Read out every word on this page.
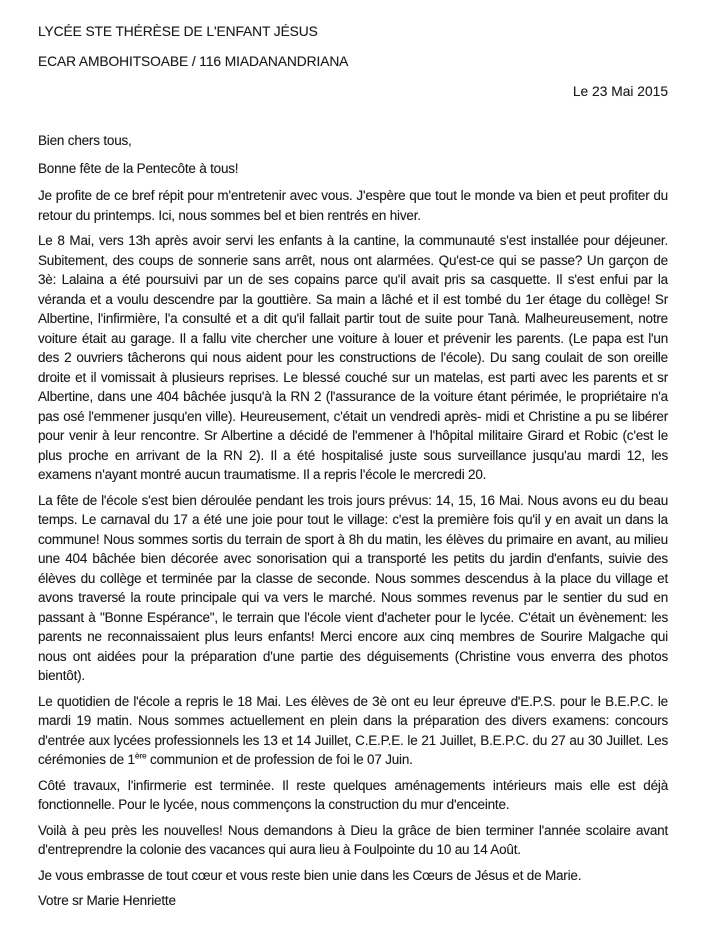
LYCÉE STE THÉRÈSE DE L'ENFANT JÉSUS
ECAR AMBOHITSOABE / 116 MIADANANDRIANA
Le 23 Mai 2015

Bien chers tous,

Bonne fête de la Pentecôte à tous!

Je profite de ce bref répit pour m'entretenir avec vous. J'espère que tout le monde va bien et peut profiter du retour du printemps. Ici, nous sommes bel et bien rentrés en hiver.

Le 8 Mai, vers 13h après avoir servi les enfants à la cantine, la communauté s'est installée pour déjeuner. Subitement, des coups de sonnerie sans arrêt, nous ont alarmées. Qu'est-ce qui se passe? Un garçon de 3è: Lalaina a été poursuivi par un de ses copains parce qu'il avait pris sa casquette. Il s'est enfui par la véranda et a voulu descendre par la gouttière. Sa main a lâché et il est tombé du 1er étage du collège! Sr Albertine, l'infirmière, l'a consulté et a dit qu'il fallait partir tout de suite pour Tanà. Malheureusement, notre voiture était au garage. Il a fallu vite chercher une voiture à louer et prévenir les parents. (Le papa est l'un des 2 ouvriers tâcherons qui nous aident pour les constructions de l'école). Du sang coulait de son oreille droite et il vomissait à plusieurs reprises. Le blessé couché sur un matelas, est parti avec les parents et sr Albertine, dans une 404 bâchée jusqu'à la RN 2 (l'assurance de la voiture étant périmée, le propriétaire n'a pas osé l'emmener jusqu'en ville). Heureusement, c'était un vendredi après- midi et Christine a pu se libérer pour venir à leur rencontre. Sr Albertine a décidé de l'emmener à l'hôpital militaire Girard et Robic (c'est le plus proche en arrivant de la RN 2). Il a été hospitalisé juste sous surveillance jusqu'au mardi 12, les examens n'ayant montré aucun traumatisme. Il a repris l'école le mercredi 20.

La fête de l'école s'est bien déroulée pendant les trois jours prévus: 14, 15, 16 Mai. Nous avons eu du beau temps. Le carnaval du 17 a été une joie pour tout le village: c'est la première fois qu'il y en avait un dans la commune! Nous sommes sortis du terrain de sport à 8h du matin, les élèves du primaire en avant, au milieu une 404 bâchée bien décorée avec sonorisation qui a transporté les petits du jardin d'enfants, suivie des élèves du collège et terminée par la classe de seconde. Nous sommes descendus à la place du village et avons traversé la route principale qui va vers le marché. Nous sommes revenus par le sentier du sud en passant à "Bonne Espérance", le terrain que l'école vient d'acheter pour le lycée. C'était un évènement: les parents ne reconnaissaient plus leurs enfants! Merci encore aux cinq membres de Sourire Malgache qui nous ont aidées pour la préparation d'une partie des déguisements (Christine vous enverra des photos bientôt).

Le quotidien de l'école a repris le 18 Mai. Les élèves de 3è ont eu leur épreuve d'E.P.S. pour le B.E.P.C. le mardi 19 matin. Nous sommes actuellement en plein dans la préparation des divers examens: concours d'entrée aux lycées professionnels les 13 et 14 Juillet, C.E.P.E. le 21 Juillet, B.E.P.C. du 27 au 30 Juillet. Les cérémonies de 1ère communion et de profession de foi le 07 Juin.

Côté travaux, l'infirmerie est terminée. Il reste quelques aménagements intérieurs mais elle est déjà fonctionnelle. Pour le lycée, nous commençons la construction du mur d'enceinte.

Voilà à peu près les nouvelles! Nous demandons à Dieu la grâce de bien terminer l'année scolaire avant d'entreprendre la colonie des vacances qui aura lieu à Foulpointe du 10 au 14 Août.

Je vous embrasse de tout cœur et vous reste bien unie dans les Cœurs de Jésus et de Marie.

Votre sr Marie Henriette
